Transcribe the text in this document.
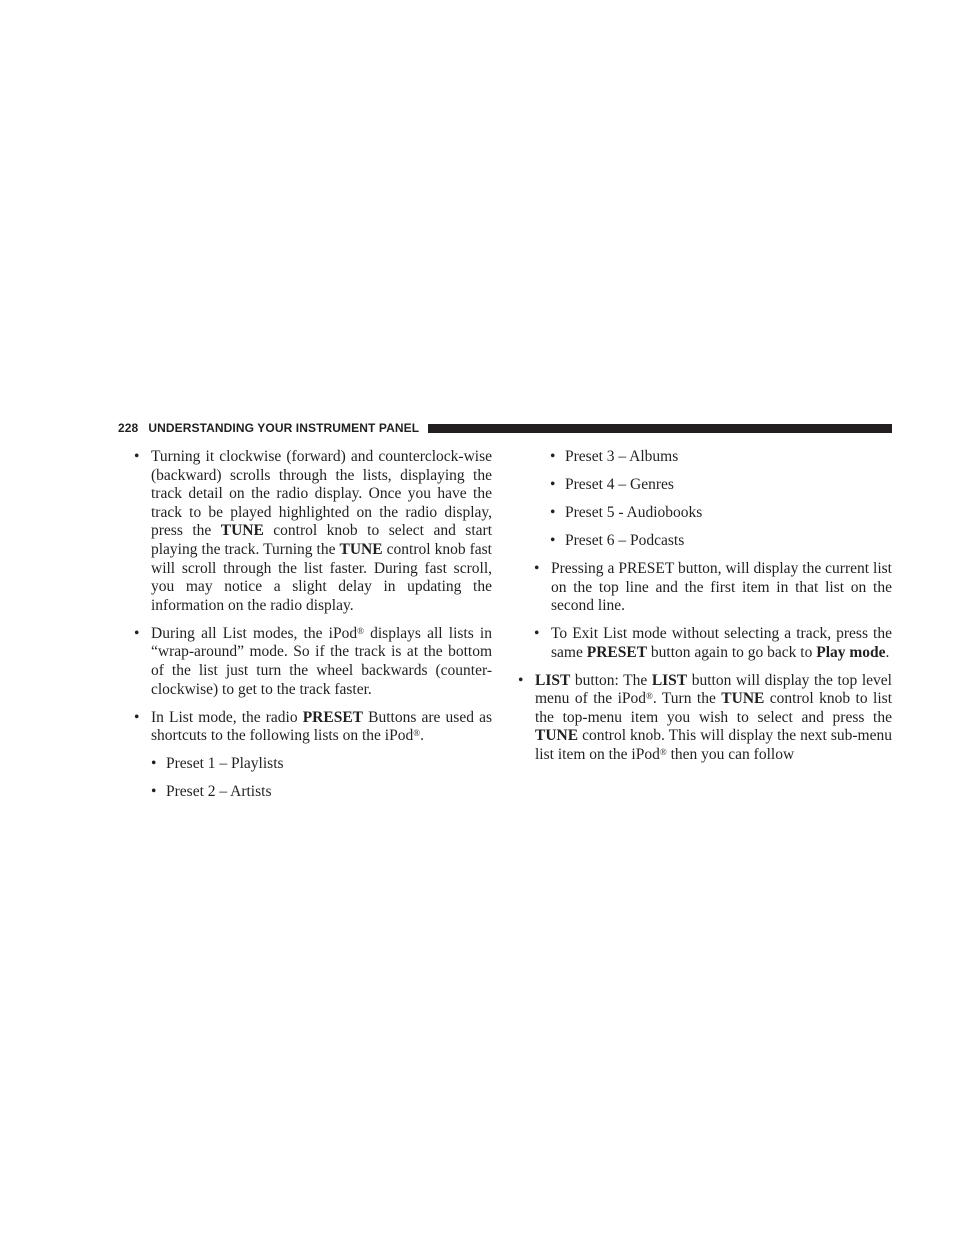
228 UNDERSTANDING YOUR INSTRUMENT PANEL
• Turning it clockwise (forward) and counterclock-wise (backward) scrolls through the lists, displaying the track detail on the radio display. Once you have the track to be played highlighted on the radio display, press the TUNE control knob to select and start playing the track. Turning the TUNE control knob fast will scroll through the list faster. During fast scroll, you may notice a slight delay in updating the information on the radio display.
• During all List modes, the iPod® displays all lists in “wrap-around” mode. So if the track is at the bottom of the list just turn the wheel backwards (counter-clockwise) to get to the track faster.
• In List mode, the radio PRESET Buttons are used as shortcuts to the following lists on the iPod®.
• Preset 1 – Playlists
• Preset 2 – Artists
• Preset 3 – Albums
• Preset 4 – Genres
• Preset 5 - Audiobooks
• Preset 6 – Podcasts
• Pressing a PRESET button, will display the current list on the top line and the first item in that list on the second line.
• To Exit List mode without selecting a track, press the same PRESET button again to go back to Play mode.
• LIST button: The LIST button will display the top level menu of the iPod®. Turn the TUNE control knob to list the top-menu item you wish to select and press the TUNE control knob. This will display the next sub-menu list item on the iPod® then you can follow
